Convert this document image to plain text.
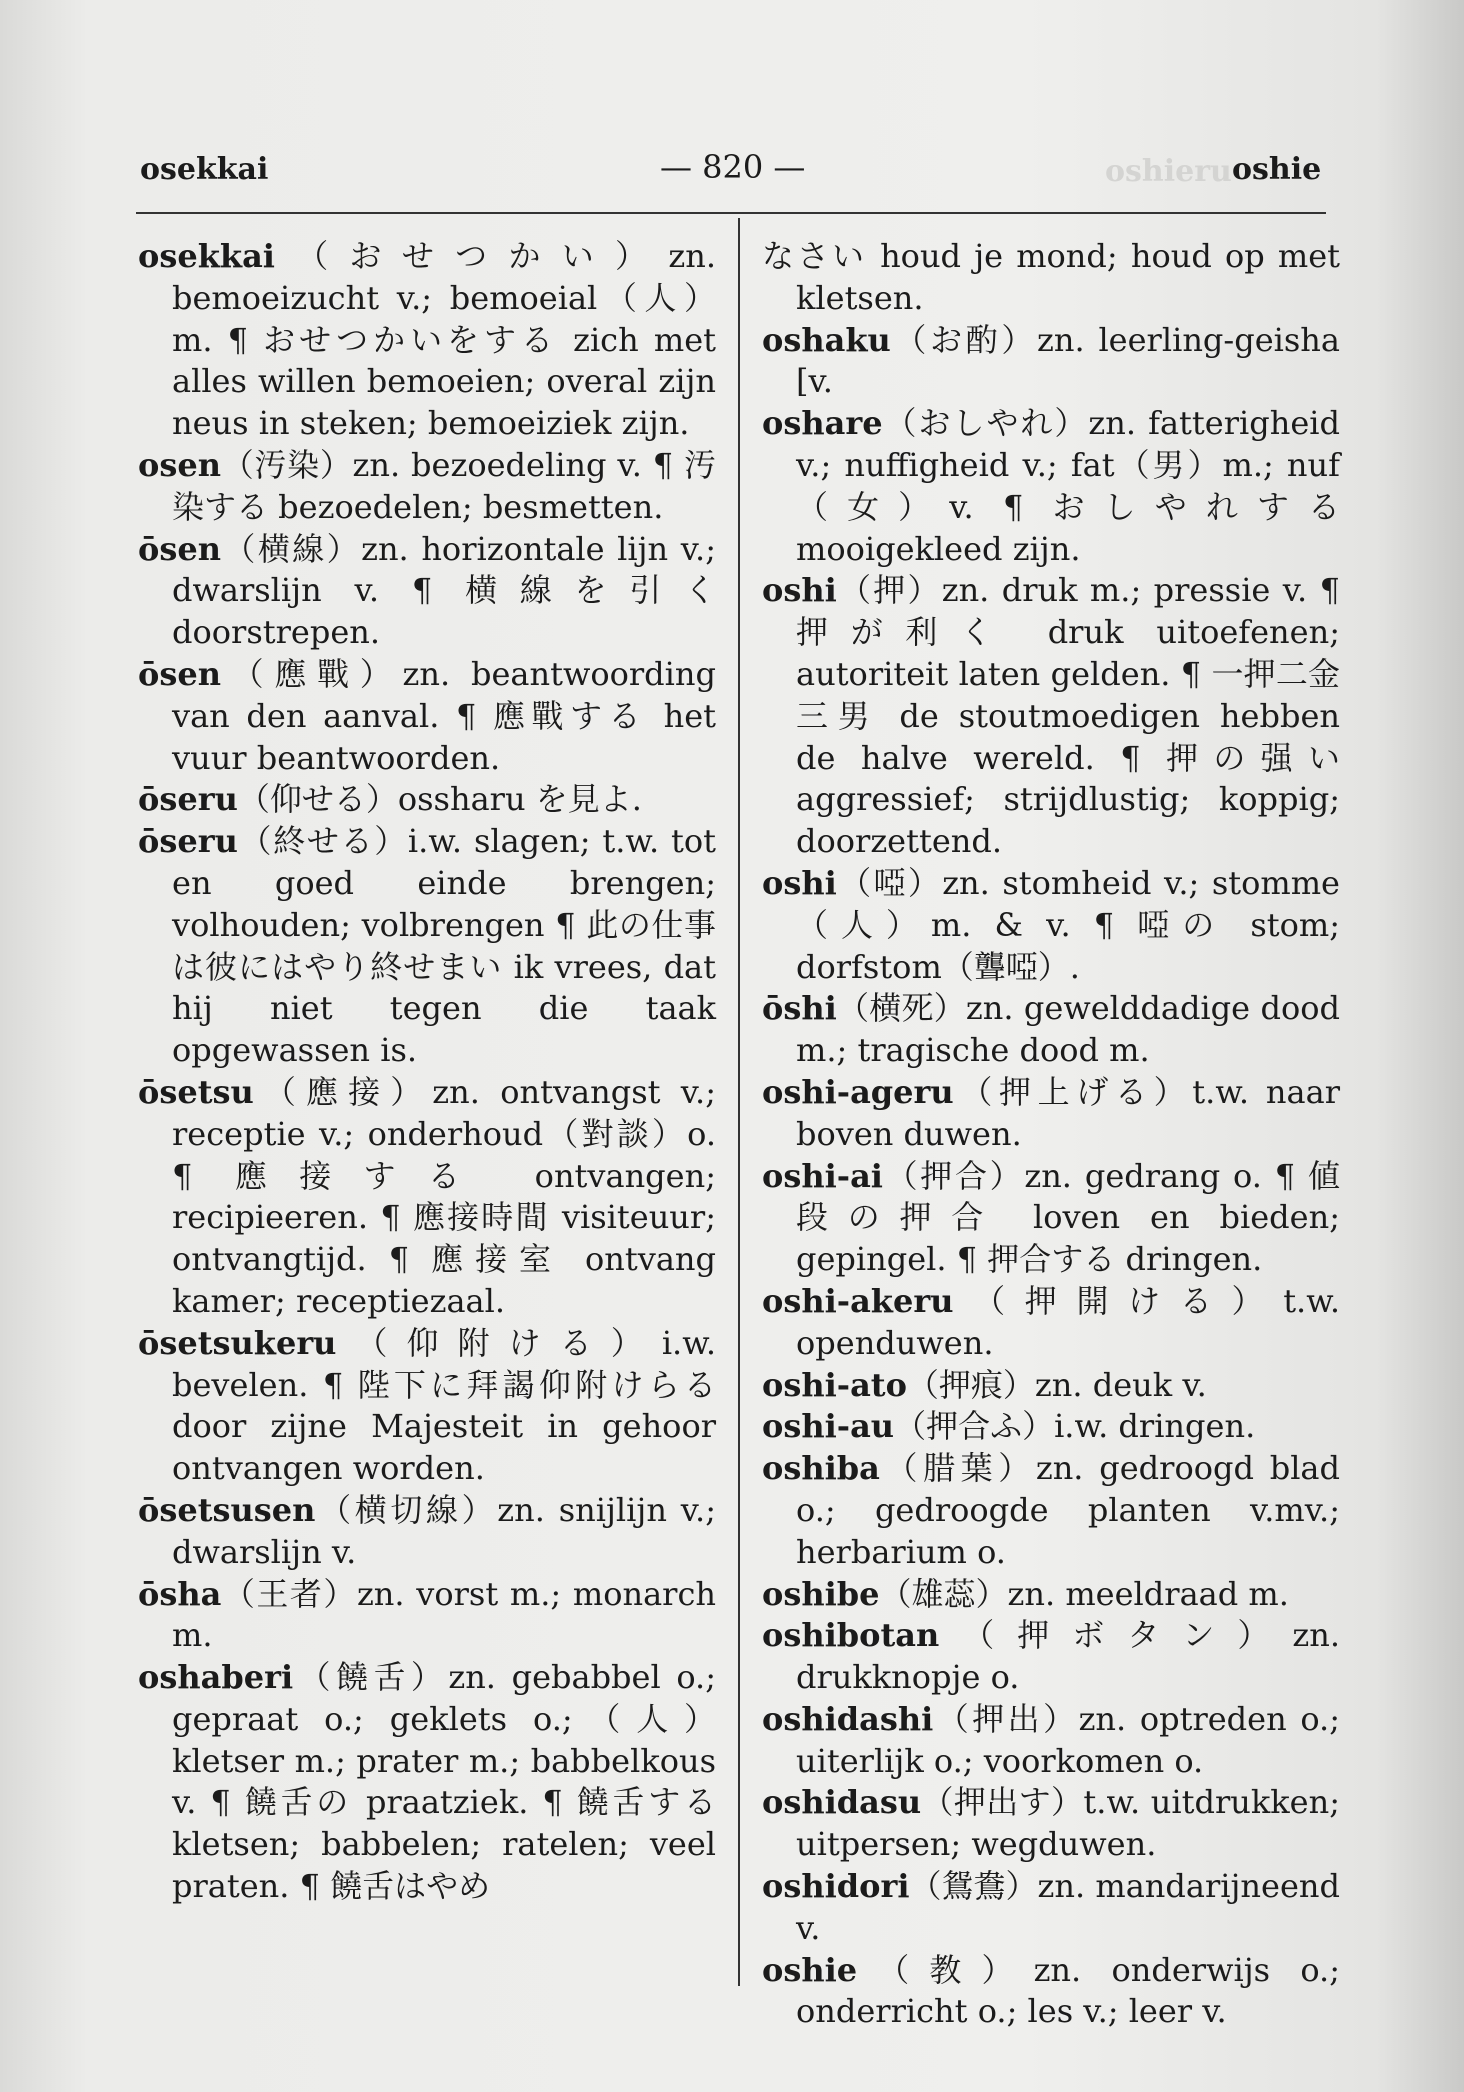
oshieru
osekkai	— 820 —	oshie

osekkai（おせつかい）zn. bemoeizucht v.; bemoeial（人）m. ¶ おせつかいをする zich met alles willen bemoeien; overal zijn neus in steken; bemoeiziek zijn.

osen（汚染）zn. bezoedeling v. ¶ 汚染する bezoedelen; besmetten.

ōsen（横線）zn. horizontale lijn v.; dwarslijn v. ¶ 横線を引く doorstrepen.

ōsen（應戰）zn. beantwoording van den aanval. ¶ 應戰する het vuur beantwoorden.

ōseru（仰せる）ossharu を見よ.

ōseru（終せる）i.w. slagen; t.w. tot en goed einde brengen; volhouden; volbrengen ¶ 此の仕事は彼にはやり終せまい ik vrees, dat hij niet tegen die taak opgewassen is.

ōsetsu（應接）zn. ontvangst v.; receptie v.; onderhoud（對談）o. ¶ 應接する ontvangen; recipieeren. ¶ 應接時間 visiteuur; ontvangtijd. ¶ 應接室 ontvang kamer; receptiezaal.

ōsetsukeru（仰附ける）i.w. bevelen. ¶ 陛下に拜謁仰附けらる door zijne Majesteit in gehoor ontvangen worden.

ōsetsusen（横切線）zn. snijlijn v.; dwarslijn v.

ōsha（王者）zn. vorst m.; monarch m.

oshaberi（饒舌）zn. gebabbel o.; gepraat o.; geklets o.;（人）kletser m.; prater m.; babbelkous v. ¶ 饒舌の praatziek. ¶ 饒舌する kletsen; babbelen; ratelen; veel praten. ¶ 饒舌はやめ

なさい houd je mond; houd op met kletsen.

oshaku（お酌）zn. leerling-geisha [v.

oshare（おしやれ）zn. fatterigheid v.; nuffigheid v.; fat（男）m.; nuf（女）v. ¶ おしやれする mooigekleed zijn.

oshi（押）zn. druk m.; pressie v. ¶ 押が利く druk uitoefenen; autoriteit laten gelden. ¶ 一押二金三男 de stoutmoedigen hebben de halve wereld. ¶ 押の强い aggressief; strijdlustig; koppig; doorzettend.

oshi（啞）zn. stomheid v.; stomme（人）m. & v. ¶ 啞の stom; dorfstom（聾啞）.

ōshi（横死）zn. gewelddadige dood m.; tragische dood m.

oshi-ageru（押上げる）t.w. naar boven duwen.

oshi-ai（押合）zn. gedrang o. ¶ 値段の押合 loven en bieden; gepingel. ¶ 押合する dringen.

oshi-akeru（押開ける）t.w. openduwen.

oshi-ato（押痕）zn. deuk v.

oshi-au（押合ふ）i.w. dringen.

oshiba（腊葉）zn. gedroogd blad o.; gedroogde planten v.mv.; herbarium o.

oshibe（雄蕊）zn. meeldraad m.

oshibotan（押ボタン）zn. drukknopje o.

oshidashi（押出）zn. optreden o.; uiterlijk o.; voorkomen o.

oshidasu（押出す）t.w. uitdrukken; uitpersen; wegduwen.

oshidori（鴛鴦）zn. mandarijneend v.

oshie（教）zn. onderwijs o.; onderricht o.; les v.; leer v.
